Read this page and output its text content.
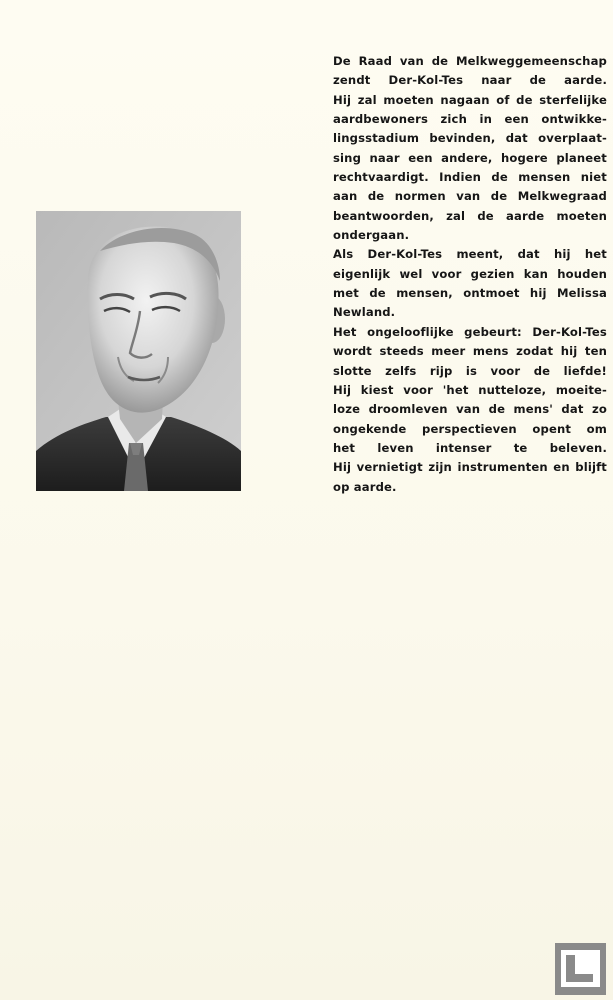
De Raad van de Melkweggemeenschap
zendt Der-Kol-Tes naar de aarde.
Hij zal moeten nagaan of de sterfelijke
aardbewoners zich in een ontwikke-
lingsstadium bevinden, dat overplaat-
sing naar een andere, hogere planeet
rechtvaardigt. Indien de mensen niet
aan de normen van de Melkwegraad
beantwoorden, zal de aarde moeten
ondergaan.
Als Der-Kol-Tes meent, dat hij het
eigenlijk wel voor gezien kan houden
met de mensen, ontmoet hij Melissa
Newland.
Het ongelooflijke gebeurt: Der-Kol-Tes
wordt steeds meer mens zodat hij ten
slotte zelfs rijp is voor de liefde!
Hij kiest voor 'het nutteloze, moeite-
loze droomleven van de mens' dat zo
ongekende perspectieven opent om
het leven intenser te beleven.
Hij vernietigt zijn instrumenten en blijft
op aarde.
